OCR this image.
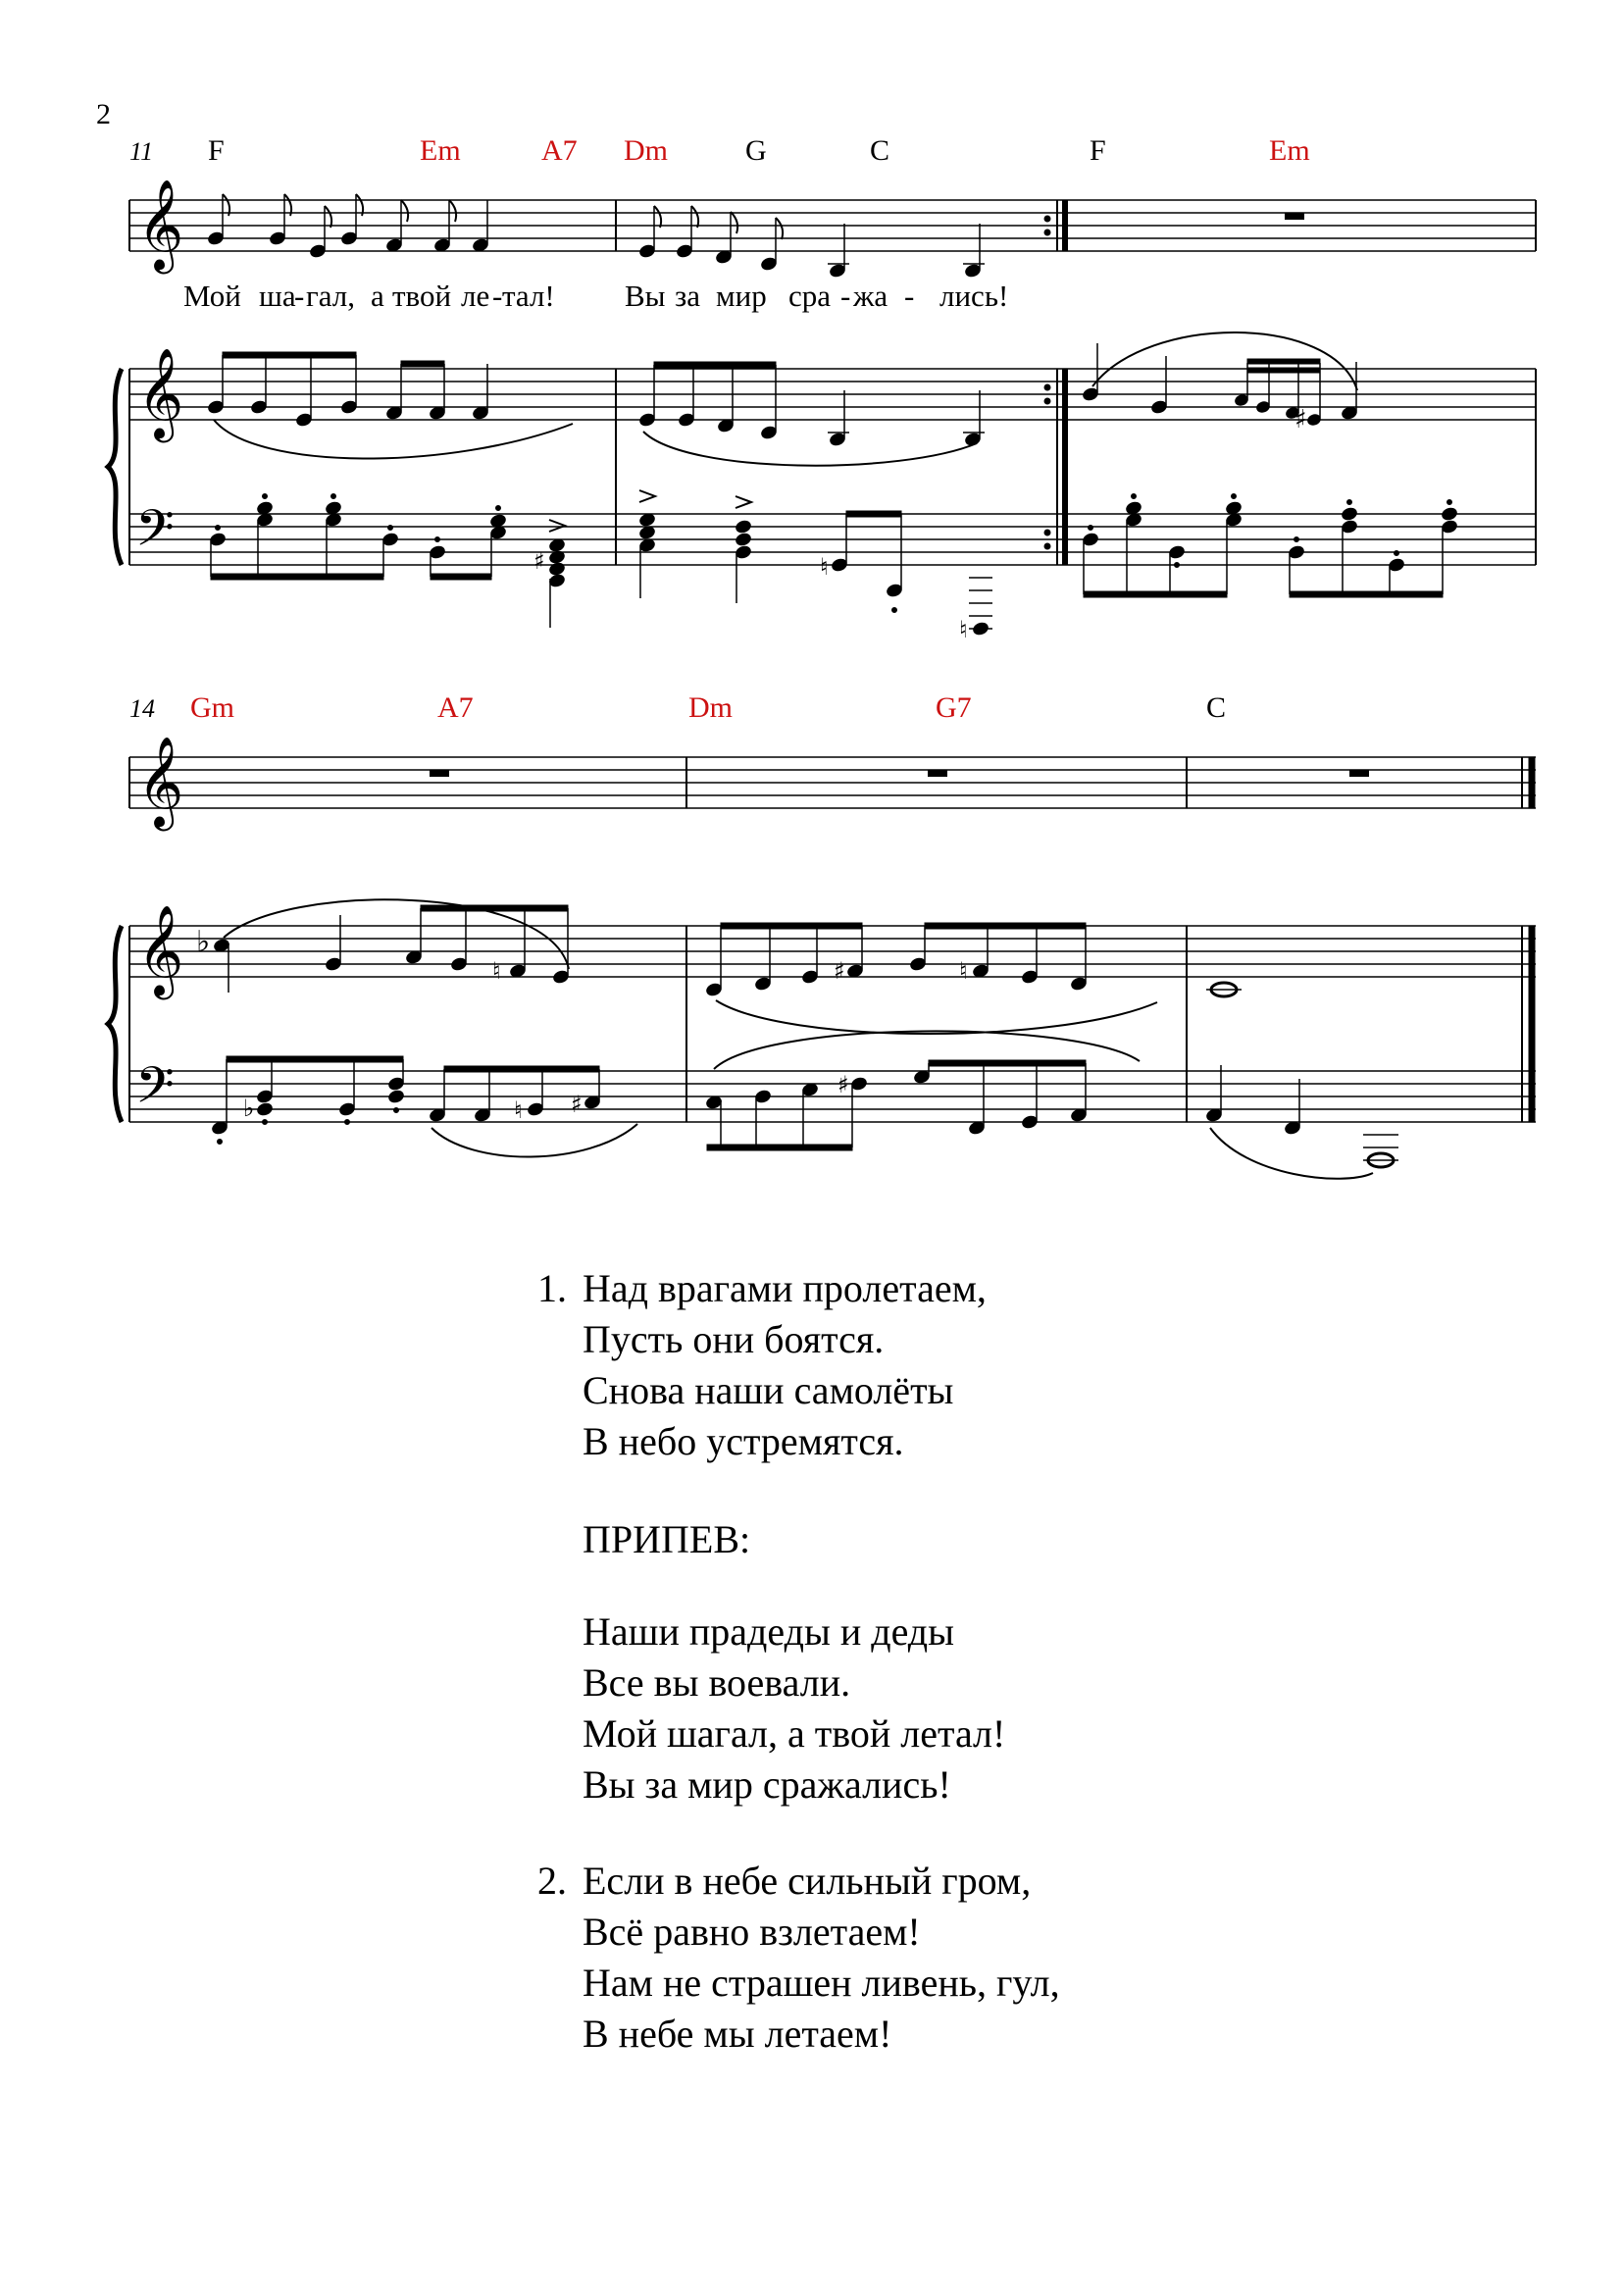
2
11 F	Em	A7 Dm	G	C	F	Em
𝄞
𝄞
𝄢
Мой ша
- гал, а твой ле - тал! Вы за мир сра - жа - лись!
♯
♯	♮
♮
14 Gm	A7	Dm	G7	C
𝄞
𝄞
𝄢
♭
♮	♯	♮
♭	♮ ♯
♯
1. Над врагами пролетаем,
Пусть они боятся.
Снова наши самолёты
В небо устремятся.
ПРИПЕВ:
Наши прадеды и деды
Все вы воевали.
Мой шагал, а твой летал!
Вы за мир сражались!
2. Если в небе сильный гром,
Всё равно взлетаем!
Нам не страшен ливень, гул,
В небе мы летаем!
